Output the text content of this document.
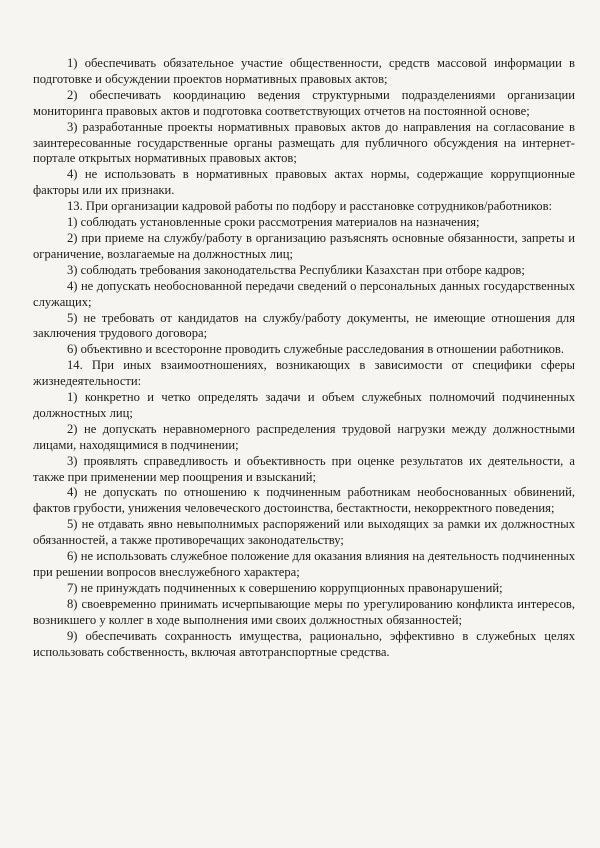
1) обеспечивать обязательное участие общественности, средств массовой информации в подготовке и обсуждении проектов нормативных правовых актов;

2) обеспечивать координацию ведения структурными подразделениями организации мониторинга правовых актов и подготовка соответствующих отчетов на постоянной основе;

3) разработанные проекты нормативных правовых актов до направления на согласование в заинтересованные государственные органы размещать для публичного обсуждения на интернет-портале открытых нормативных правовых актов;

4) не использовать в нормативных правовых актах нормы, содержащие коррупционные факторы или их признаки.

13. При организации кадровой работы по подбору и расстановке сотрудников/работников:

1) соблюдать установленные сроки рассмотрения материалов на назначения;

2) при приеме на службу/работу в организацию разъяснять основные обязанности, запреты и ограничение, возлагаемые на должностных лиц;

3) соблюдать требования законодательства Республики Казахстан при отборе кадров;

4) не допускать необоснованной передачи сведений о персональных данных государственных служащих;

5) не требовать от кандидатов на службу/работу документы, не имеющие отношения для заключения трудового договора;

6) объективно и всесторонне проводить служебные расследования в отношении работников.

14. При иных взаимоотношениях, возникающих в зависимости от специфики сферы жизнедеятельности:

1) конкретно и четко определять задачи и объем служебных полномочий подчиненных должностных лиц;

2) не допускать неравномерного распределения трудовой нагрузки между должностными лицами, находящимися в подчинении;

3) проявлять справедливость и объективность при оценке результатов их деятельности, а также при применении мер поощрения и взысканий;

4) не допускать по отношению к подчиненным работникам необоснованных обвинений, фактов грубости, унижения человеческого достоинства, бестактности, некорректного поведения;

5) не отдавать явно невыполнимых распоряжений или выходящих за рамки их должностных обязанностей, а также противоречащих законодательству;

6) не использовать служебное положение для оказания влияния на деятельность подчиненных при решении вопросов внеслужебного характера;

7) не принуждать подчиненных к совершению коррупционных правонарушений;

8) своевременно принимать исчерпывающие меры по урегулированию конфликта интересов, возникшего у коллег в ходе выполнения ими своих должностных обязанностей;

9) обеспечивать сохранность имущества, рационально, эффективно в служебных целях использовать собственность, включая автотранспортные средства.
